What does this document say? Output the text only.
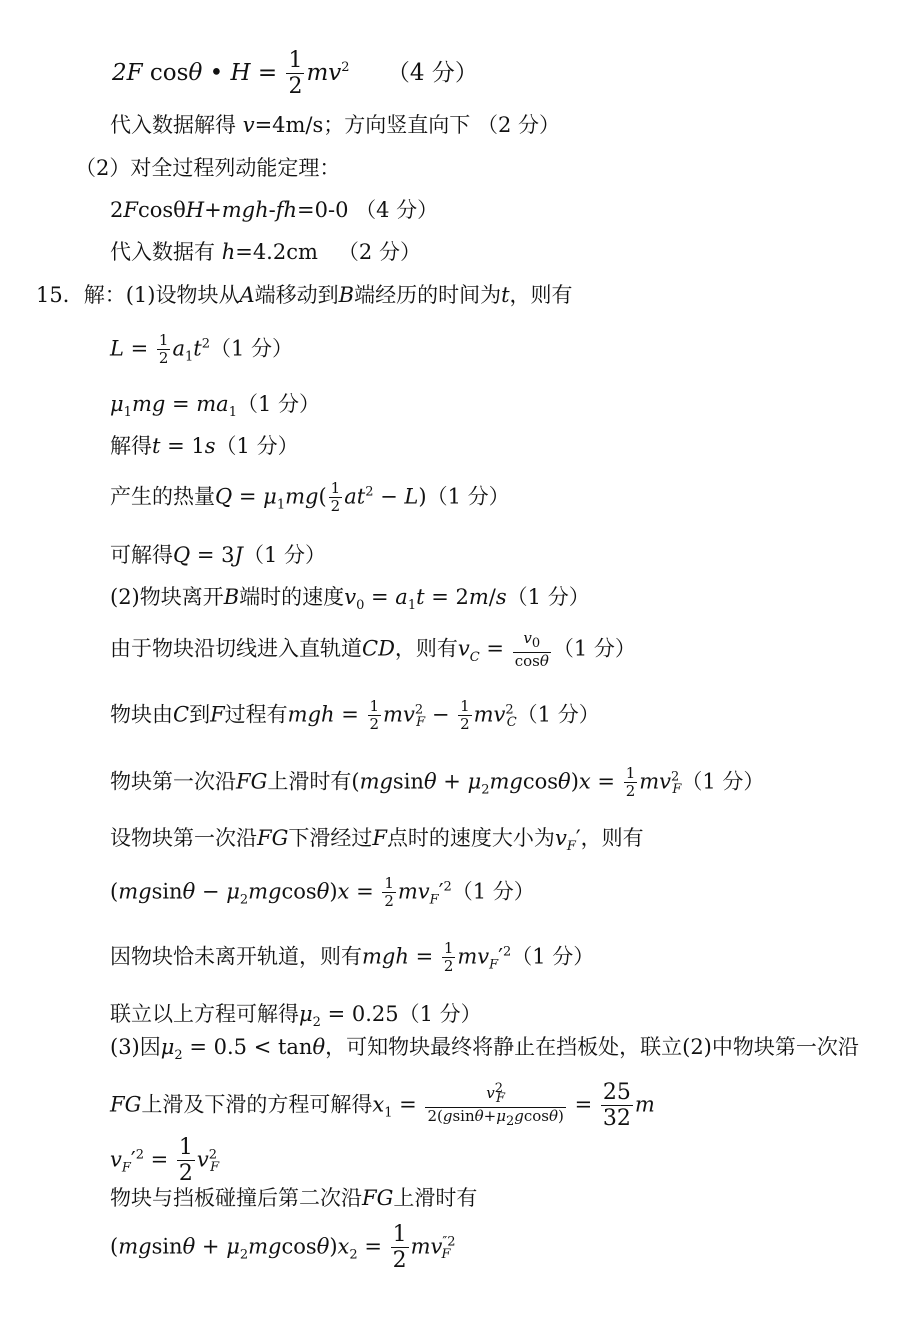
2F cosθ • $H = \frac{1}{2} mv^2$ （4 分）
代入数据解得 v=4m/s；方向竖直向下 （2 分）
（2）对全过程列动能定理：
2FcosθH+mgh-fh=0-0 （4 分）
代入数据有 h=4.2cm   （2 分）
15．解：(1)设物块从A端移动到B端经历的时间为t，则有
$L = \frac{1}{2} a_1t^2(1$ 分）
$\mu_1mg = ma_1(1$ 分）
解得t = 1s（1 分）
产生的热量$Q = \mu_1mg( \frac{1}{2} at^2 - L)(1$ 分）
可解得Q = 3J（1 分）
(2)物块离开B端时的速度$v_0 = a_1t = 2m/s(1$ 分）
由于物块沿切线进入直轨道CD，则有$v_C = \frac{v_0}{\cos\theta} (1$ 分）
物块由C到F过程有mgh = $\frac{1}{2} mv^2_F - \frac{1}{2} mv^2_C(1$ 分）
物块第一次沿FG上滑时有$(mgsin\theta + \mu_2mgcos\theta)x = \frac{1}{2} mv^2_F(1$ 分）
设物块第一次沿FG下滑经过F点时的速度大小为$v_F'$，则有
$(mgsin\theta - \mu_2mgcos\theta)x = \frac{1}{2} mv_F'^2(1$ 分）
因物块恰未离开轨道，则有mgh = $\frac{1}{2} mv_F'^2(1$ 分）
联立以上方程可解得$\mu_2 = 0.25(1$ 分）
(3)因$\mu_2 = 0.5 < \tan\theta$，可知物块最终将静止在挡板处，联立(2)中物块第一次沿
FG上滑及下滑的方程可解得$x_1 = \frac{v^2_F}{2(gsin\theta+\mu_2gcos\theta)} = \frac{25}{32}$ m
$v_F'^2 = \frac{1}{2} v^2_F$
物块与挡板碰撞后第二次沿FG上滑时有
$(mgsin\theta + \mu_2mgcos\theta)x_2 = \frac{1}{2} mv^{''2}_F$
